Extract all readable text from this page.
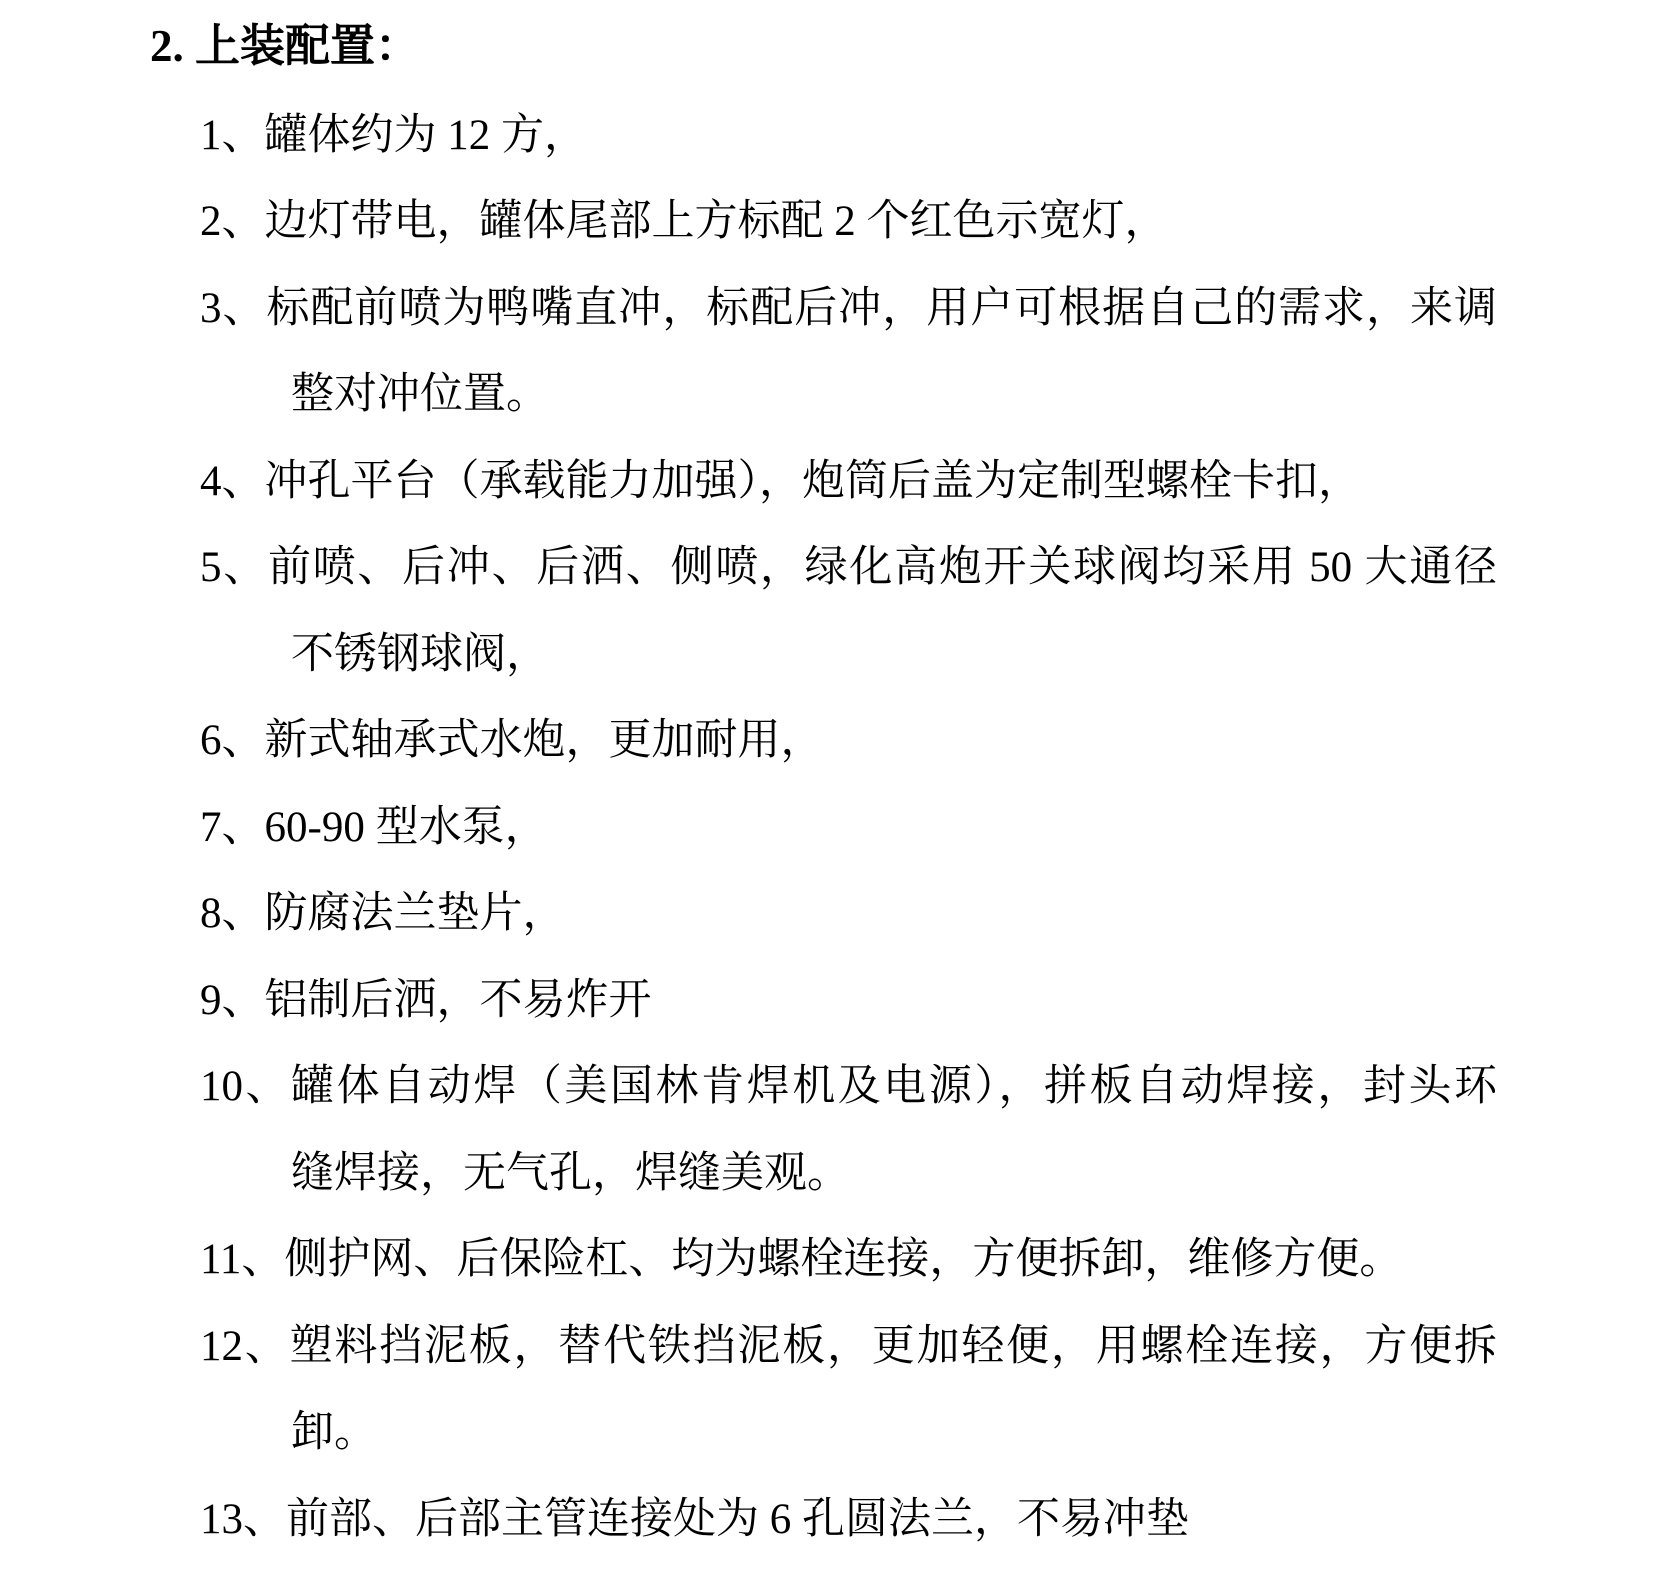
2. 上装配置：
1、罐体约为 12 方，
2、边灯带电，罐体尾部上方标配 2 个红色示宽灯，
3、标配前喷为鸭嘴直冲，标配后冲，用户可根据自己的需求，来调
整对冲位置。
4、冲孔平台（承载能力加强），炮筒后盖为定制型螺栓卡扣，
5、前喷、后冲、后洒、侧喷，绿化高炮开关球阀均采用 50 大通径
不锈钢球阀，
6、新式轴承式水炮，更加耐用，
7、60-90 型水泵，
8、防腐法兰垫片，
9、铝制后洒，不易炸开
10、罐体自动焊（美国林肯焊机及电源），拼板自动焊接，封头环
缝焊接，无气孔，焊缝美观。
11、侧护网、后保险杠、均为螺栓连接，方便拆卸，维修方便。
12、塑料挡泥板，替代铁挡泥板，更加轻便，用螺栓连接，方便拆
卸。
13、前部、后部主管连接处为 6 孔圆法兰，不易冲垫
